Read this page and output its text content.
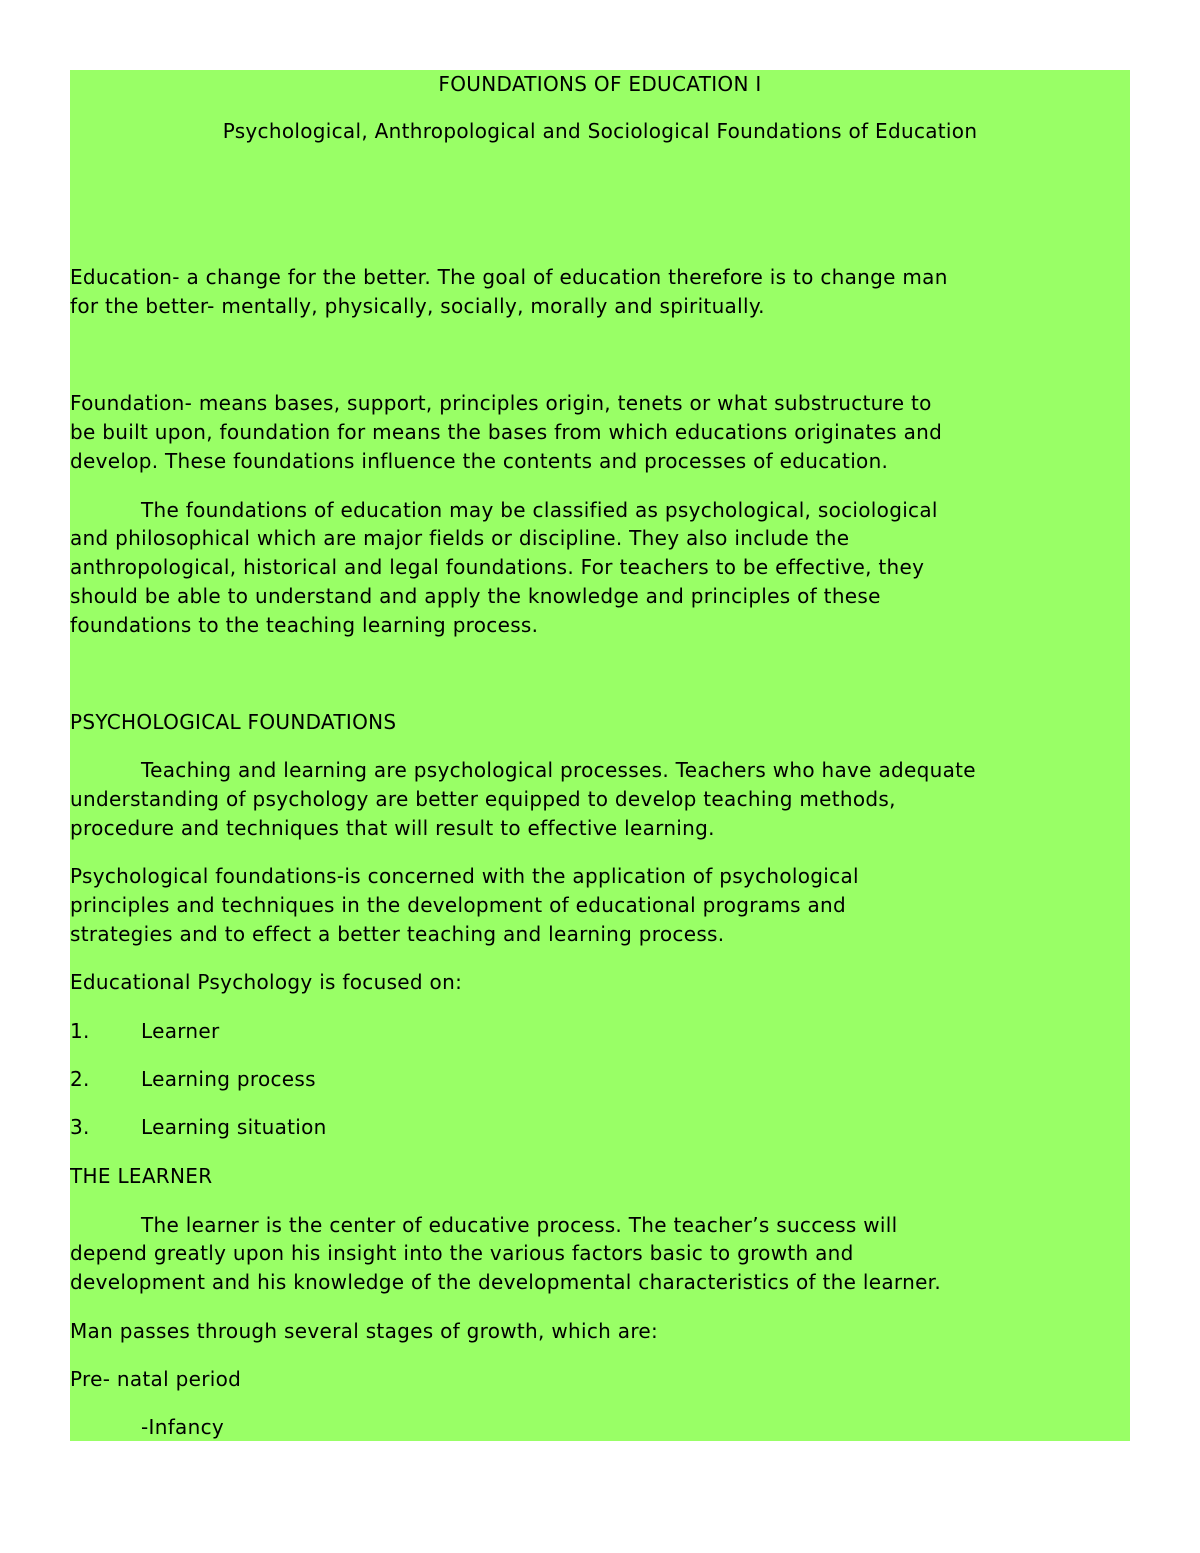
FOUNDATIONS OF EDUCATION I

Psychological, Anthropological and Sociological Foundations of Education

Education- a change for the better. The goal of education therefore is to change man

for the better- mentally, physically, socially, morally and spiritually.

Foundation- means bases, support, principles origin, tenets or what substructure to

be built upon, foundation for means the bases from which educations originates and

develop. These foundations influence the contents and processes of education.

The foundations of education may be classified as psychological, sociological

and philosophical which are major fields or discipline. They also include the

anthropological, historical and legal foundations. For teachers to be effective, they

should be able to understand and apply the knowledge and principles of these

foundations to the teaching learning process.

PSYCHOLOGICAL FOUNDATIONS

Teaching and learning are psychological processes. Teachers who have adequate

understanding of psychology are better equipped to develop teaching methods,

procedure and techniques that will result to effective learning.

Psychological foundations-is concerned with the application of psychological

principles and techniques in the development of educational programs and

strategies and to effect a better teaching and learning process.

Educational Psychology is focused on:

1.	Learner

2.	Learning process

3.	Learning situation

THE LEARNER

The learner is the center of educative process. The teacher’s success will

depend greatly upon his insight into the various factors basic to growth and

development and his knowledge of the developmental characteristics of the learner.

Man passes through several stages of growth, which are:

Pre- natal period

-Infancy
